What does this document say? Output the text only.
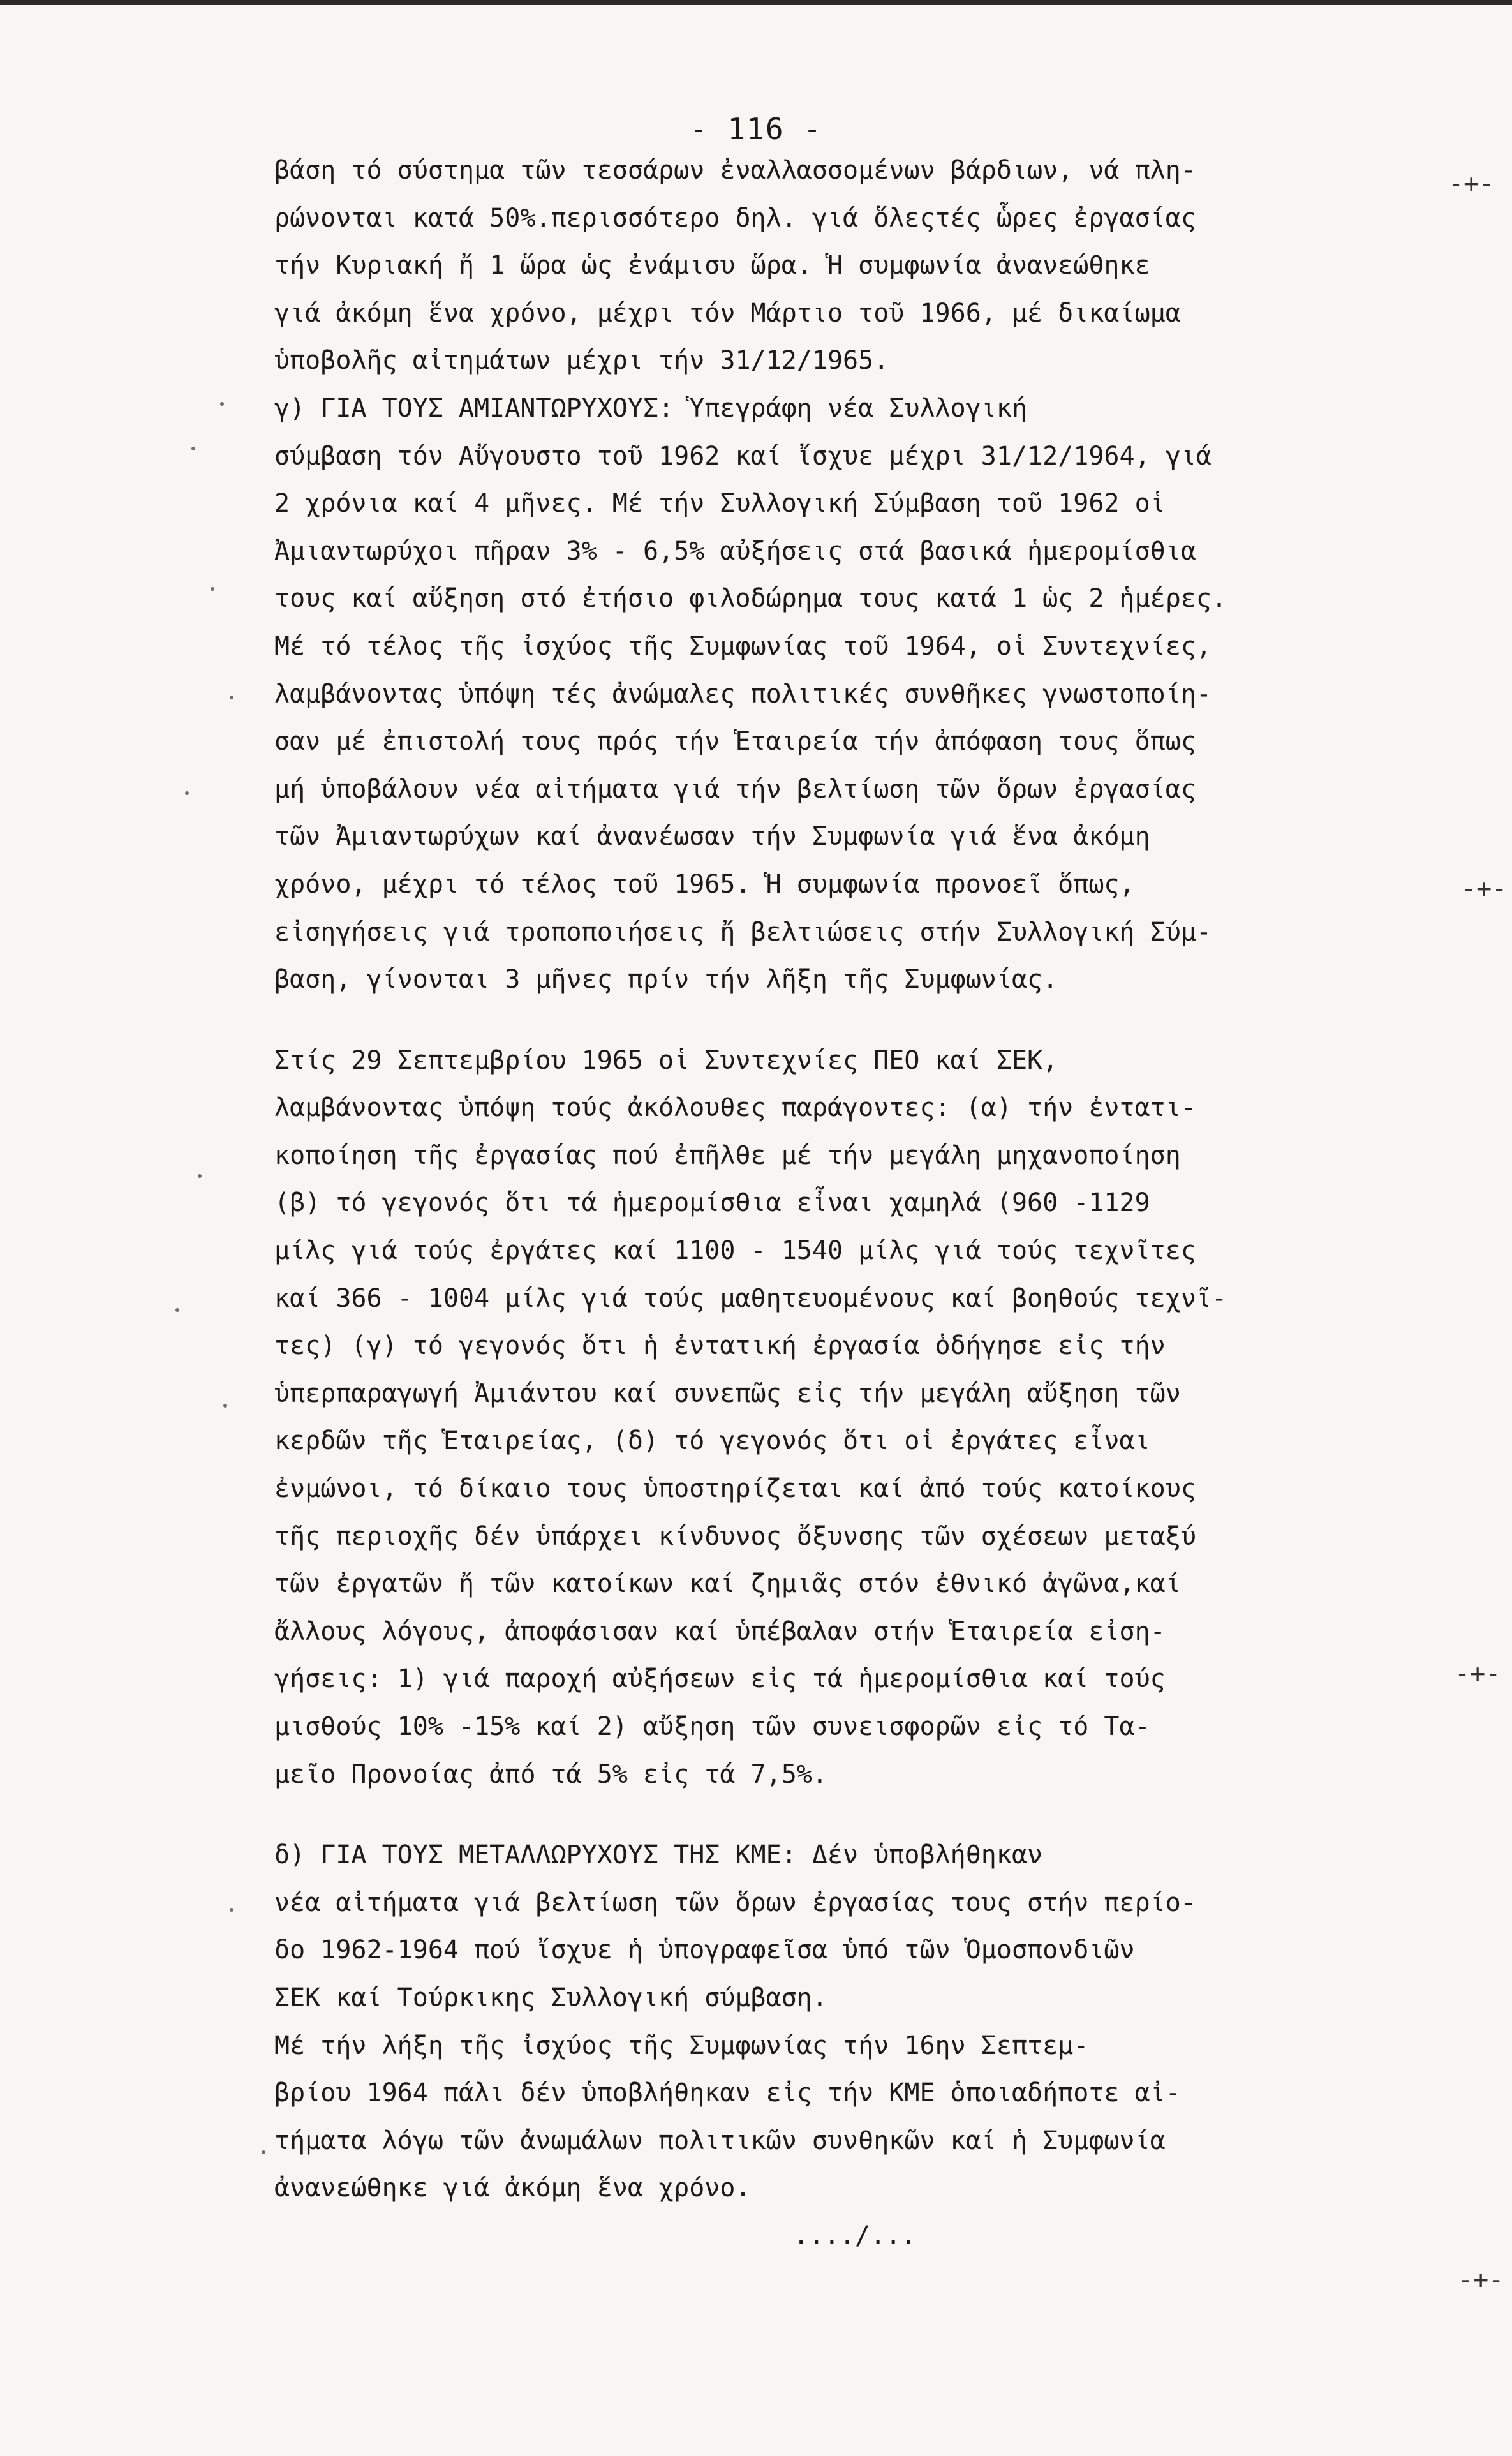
- 116 -
βάση τό σύστημα τῶν τεσσάρων ἐναλλασσομένων βάρδιων, νά πλη-
ρώνονται κατά 50%.περισσότερο δηλ. γιά ὅλεςτές ὧρες ἐργασίας
τήν Κυριακή ἤ 1 ὥρα ὡς ἐνάμισυ ὥρα. Ἡ συμφωνία ἀνανεώθηκε
γιά ἀκόμη ἕνα χρόνο, μέχρι τόν Μάρτιο τοῦ 1966, μέ δικαίωμα
ὑποβολῆς αἰτημάτων μέχρι τήν 31/12/1965.
γ) ΓΙΑ ΤΟΥΣ ΑΜΙΑΝΤΩΡΥΧΟΥΣ: Ὑπεγράφη νέα Συλλογική
σύμβαση τόν Αὔγουστο τοῦ 1962 καί ἴσχυε μέχρι 31/12/1964, γιά
2 χρόνια καί 4 μῆνες. Μέ τήν Συλλογική Σύμβαση τοῦ 1962 οἱ
Ἀμιαντωρύχοι πῆραν 3% - 6,5% αὐξήσεις στά βασικά ἡμερομίσθια
τους καί αὔξηση στό ἐτήσιο φιλοδώρημα τους κατά 1 ὡς 2 ἡμέρες.
Μέ τό τέλος τῆς ἰσχύος τῆς Συμφωνίας τοῦ 1964, οἱ Συντεχνίες,
λαμβάνοντας ὑπόψη τές ἀνώμαλες πολιτικές συνθῆκες γνωστοποίη-
σαν μέ ἐπιστολή τους πρός τήν Ἑταιρεία τήν ἀπόφαση τους ὅπως
μή ὑποβάλουν νέα αἰτήματα γιά τήν βελτίωση τῶν ὅρων ἐργασίας
τῶν Ἀμιαντωρύχων καί ἀνανέωσαν τήν Συμφωνία γιά ἕνα ἀκόμη
χρόνο, μέχρι τό τέλος τοῦ 1965. Ἡ συμφωνία προνοεῖ ὅπως,
εἰσηγήσεις γιά τροποποιήσεις ἤ βελτιώσεις στήν Συλλογική Σύμ-
βαση, γίνονται 3 μῆνες πρίν τήν λῆξη τῆς Συμφωνίας.
Στίς 29 Σεπτεμβρίου 1965 οἱ Συντεχνίες ΠΕΟ καί ΣΕΚ,
λαμβάνοντας ὑπόψη τούς ἀκόλουθες παράγοντες: (α) τήν ἐντατι-
κοποίηση τῆς ἐργασίας πού ἐπῆλθε μέ τήν μεγάλη μηχανοποίηση
(β) τό γεγονός ὅτι τά ἡμερομίσθια εἶναι χαμηλά (960 -1129
μίλς γιά τούς ἐργάτες καί 1100 - 1540 μίλς γιά τούς τεχνῖτες
καί 366 - 1004 μίλς γιά τούς μαθητευομένους καί βοηθούς τεχνῖ-
τες) (γ) τό γεγονός ὅτι ἡ ἐντατική ἐργασία ὁδήγησε εἰς τήν
ὑπερπαραγωγή Ἀμιάντου καί συνεπῶς εἰς τήν μεγάλη αὔξηση τῶν
κερδῶν τῆς Ἑταιρείας, (δ) τό γεγονός ὅτι οἱ ἐργάτες εἶναι
ἐνμώνοι, τό δίκαιο τους ὑποστηρίζεται καί ἀπό τούς κατοίκους
τῆς περιοχῆς δέν ὑπάρχει κίνδυνος ὄξυνσης τῶν σχέσεων μεταξύ
τῶν ἐργατῶν ἤ τῶν κατοίκων καί ζημιᾶς στόν ἐθνικό ἀγῶνα,καί
ἄλλους λόγους, ἀποφάσισαν καί ὑπέβαλαν στήν Ἑταιρεία εἰση-
γήσεις: 1) γιά παροχή αὐξήσεων εἰς τά ἡμερομίσθια καί τούς
μισθούς 10% -15% καί 2) αὔξηση τῶν συνεισφορῶν εἰς τό Τα-
μεῖο Προνοίας ἀπό τά 5% εἰς τά 7,5%.
δ) ΓΙΑ ΤΟΥΣ ΜΕΤΑΛΛΩΡΥΧΟΥΣ ΤΗΣ ΚΜΕ: Δέν ὑποβλήθηκαν
νέα αἰτήματα γιά βελτίωση τῶν ὅρων ἐργασίας τους στήν περίο-
δο 1962-1964 πού ἴσχυε ἡ ὑπογραφεῖσα ὑπό τῶν Ὁμοσπονδιῶν
ΣΕΚ καί Τούρκικης Συλλογική σύμβαση.
Μέ τήν λήξη τῆς ἰσχύος τῆς Συμφωνίας τήν 16ην Σεπτεμ-
βρίου 1964 πάλι δέν ὑποβλήθηκαν εἰς τήν ΚΜΕ ὁποιαδήποτε αἰ-
τήματα λόγω τῶν ἀνωμάλων πολιτικῶν συνθηκῶν καί ἡ Συμφωνία
ἀνανεώθηκε γιά ἀκόμη ἕνα χρόνο.
..../...
-+-
-+-
-+-
-+-
